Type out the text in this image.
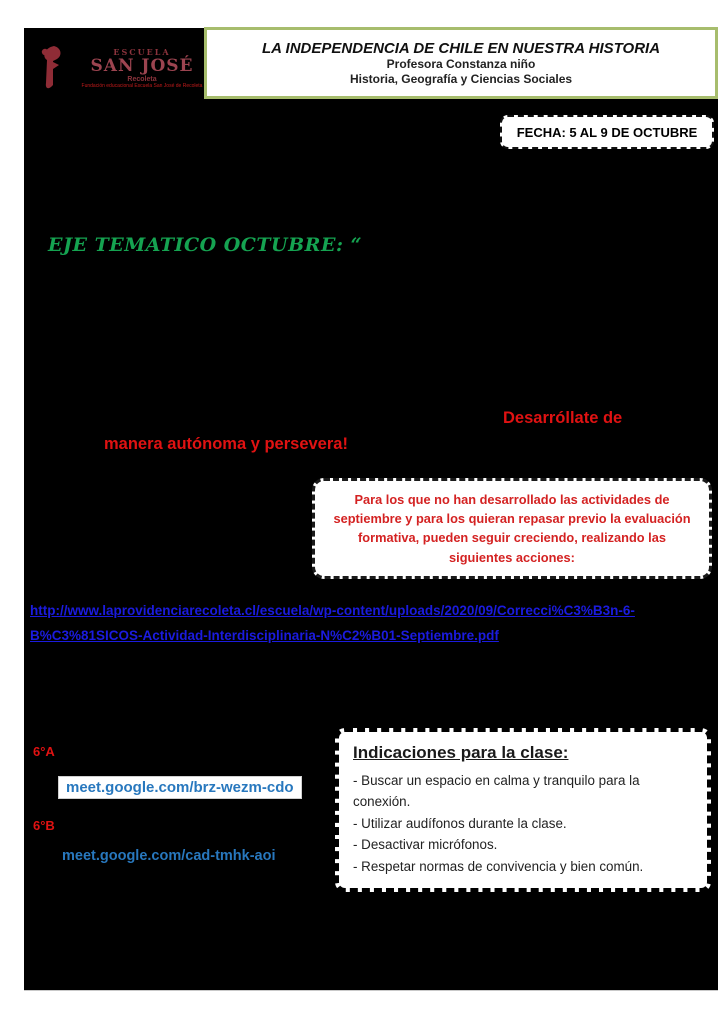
ESCUELA
SAN JOSÉ
Recoleta
Fundación educacional Escuela San José de Recoleta
LA INDEPENDENCIA DE CHILE EN NUESTRA HISTORIA
Profesora Constanza niño
Historia, Geografía y Ciencias Sociales
FECHA: 5 AL 9 DE OCTUBRE
EJE TEMATICO OCTUBRE: “
Desarróllate de
manera autónoma y persevera!
Para los que no han desarrollado las actividades de septiembre y para los quieran repasar previo la evaluación formativa, pueden seguir creciendo, realizando las siguientes acciones:
http://www.laprovidenciarecoleta.cl/escuela/wp-content/uploads/2020/09/Correcci%C3%B3n-6-
B%C3%81SICOS-Actividad-Interdisciplinaria-N%C2%B01-Septiembre.pdf
6°A
meet.google.com/brz-wezm-cdo
6°B
meet.google.com/cad-tmhk-aoi
Indicaciones para la clase:
- Buscar un espacio en calma y tranquilo para la conexión.
- Utilizar audífonos durante la clase.
- Desactivar micrófonos.
- Respetar normas de convivencia y bien común.
